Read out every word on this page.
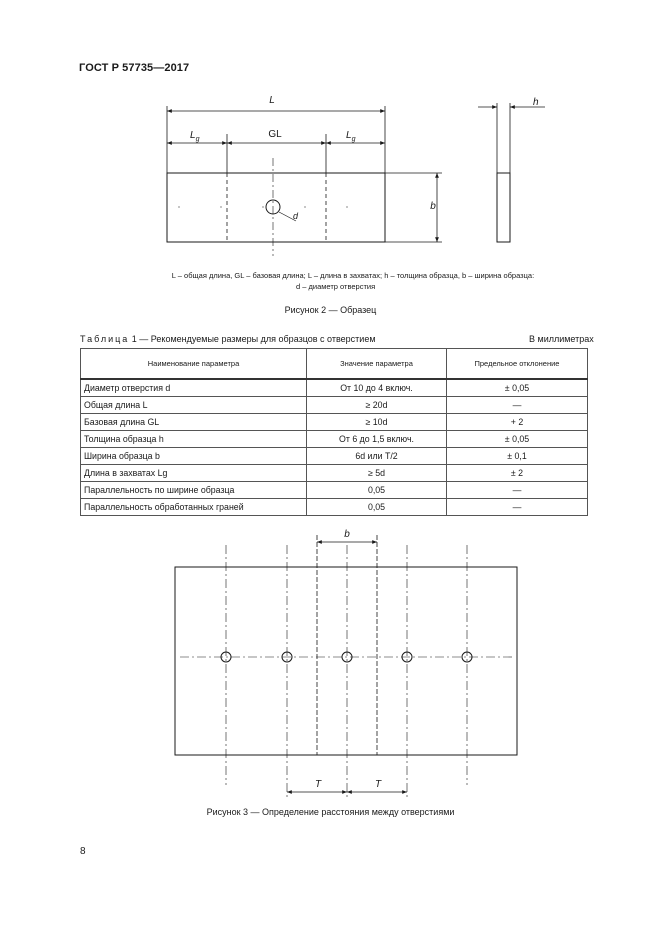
ГОСТ Р 57735—2017
L
GL
$L_g$	$L_g$
d
b
h
L – общая длина, GL – базовая длина; L – длина в захватах; h – толщина образца, b – ширина образца:
d – диаметр отверстия
Рисунок 2 — Образец
Таблица 1 — Рекомендуемые размеры для образцов с отверстием	В миллиметрах
Наименование параметра	Значение параметра	Предельное отклонение
Диаметр отверстия d	От 10 до 4 включ.	± 0,05
Общая длина L	≥ 20d	—
Базовая длина GL	≥ 10d	+ 2
Толщина образца h	От 6 до 1,5 включ.	± 0,05
Ширина образца b	6d или T/2	± 0,1
Длина в захватах Lg	≥ 5d	± 2
Параллельность по ширине образца	0,05	—
Параллельность обработанных граней	0,05	—
b
T	T
Рисунок 3 — Определение расстояния между отверстиями
8
